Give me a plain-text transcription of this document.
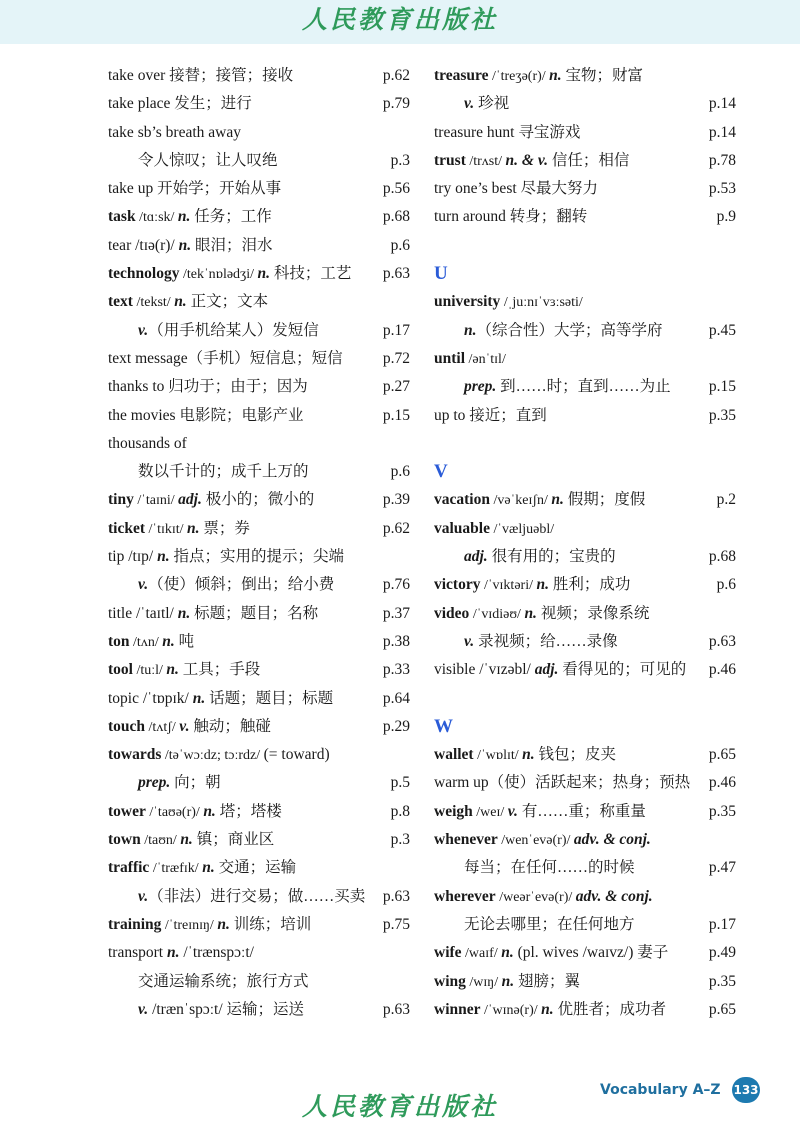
人民教育出版社
take over 接替；接管；接收	p.62
take place 发生；进行	p.79
take sb’s breath away
令人惊叹；让人叹绝	p.3
take up 开始学；开始从事	p.56
task /tɑːsk/ n. 任务；工作	p.68
tear /tɪə(r)/ n. 眼泪；泪水	p.6
technology /tekˈnɒlədʒi/ n. 科技；工艺 p.63
text /tekst/ n. 正文；文本
v.（用手机给某人）发短信	p.17
text message（手机）短信息；短信	p.72
thanks to 归功于；由于；因为	p.27
the movies 电影院；电影产业	p.15
thousands of
数以千计的；成千上万的	p.6
tiny /ˈtaɪni/ adj. 极小的；微小的	p.39
ticket /ˈtɪkɪt/ n. 票；券	p.62
tip /tɪp/ n. 指点；实用的提示；尖端
v.（使）倾斜；倒出；给小费	p.76
title /ˈtaɪtl/ n. 标题；题目；名称	p.37
ton /tʌn/ n. 吨	p.38
tool /tuːl/ n. 工具；手段	p.33
topic /ˈtɒpɪk/ n. 话题；题目；标题	p.64
touch /tʌtʃ/ v. 触动；触碰	p.29
towards /təˈwɔːdz; tɔːrdz/ (= toward)
prep. 向；朝	p.5
tower /ˈtaʊə(r)/ n. 塔；塔楼	p.8
town /taʊn/ n. 镇；商业区	p.3
traffic /ˈtræfɪk/ n. 交通；运输
v.（非法）进行交易；做……买卖 p.63
training /ˈtreɪnɪŋ/ n. 训练；培训	p.75
transport n. /ˈtrænspɔːt/
交通运输系统；旅行方式
v. /trænˈspɔːt/ 运输；运送	p.63
treasure /ˈtreʒə(r)/ n. 宝物；财富
v. 珍视	p.14
treasure hunt 寻宝游戏	p.14
trust /trʌst/ n. & v. 信任；相信	p.78
try one’s best 尽最大努力	p.53
turn around 转身；翻转	p.9
U
university /ˌjuːnɪˈvɜːsəti/
n.（综合性）大学；高等学府	p.45
until /ənˈtɪl/
prep. 到……时；直到……为止 p.15
up to 接近；直到	p.35
V
vacation /vəˈkeɪʃn/ n. 假期；度假	p.2
valuable /ˈvæljuəbl/
adj. 很有用的；宝贵的	p.68
victory /ˈvɪktəri/ n. 胜利；成功	p.6
video /ˈvɪdiəʊ/ n. 视频；录像系统
v. 录视频；给……录像	p.63
visible /ˈvɪzəbl/ adj. 看得见的；可见的 p.46
W
wallet /ˈwɒlɪt/ n. 钱包；皮夹	p.65
warm up（使）活跃起来；热身；预热 p.46
weigh /weɪ/ v. 有……重；称重量	p.35
whenever /wenˈevə(r)/ adv. & conj.
每当；在任何……的时候	p.47
wherever /weərˈevə(r)/ adv. & conj.
无论去哪里；在任何地方	p.17
wife /waɪf/ n. (pl. wives /waɪvz/) 妻子	p.49
wing /wɪŋ/ n. 翅膀；翼	p.35
winner /ˈwɪnə(r)/ n. 优胜者；成功者	p.65
人民教育出版社
Vocabulary A–Z 133
